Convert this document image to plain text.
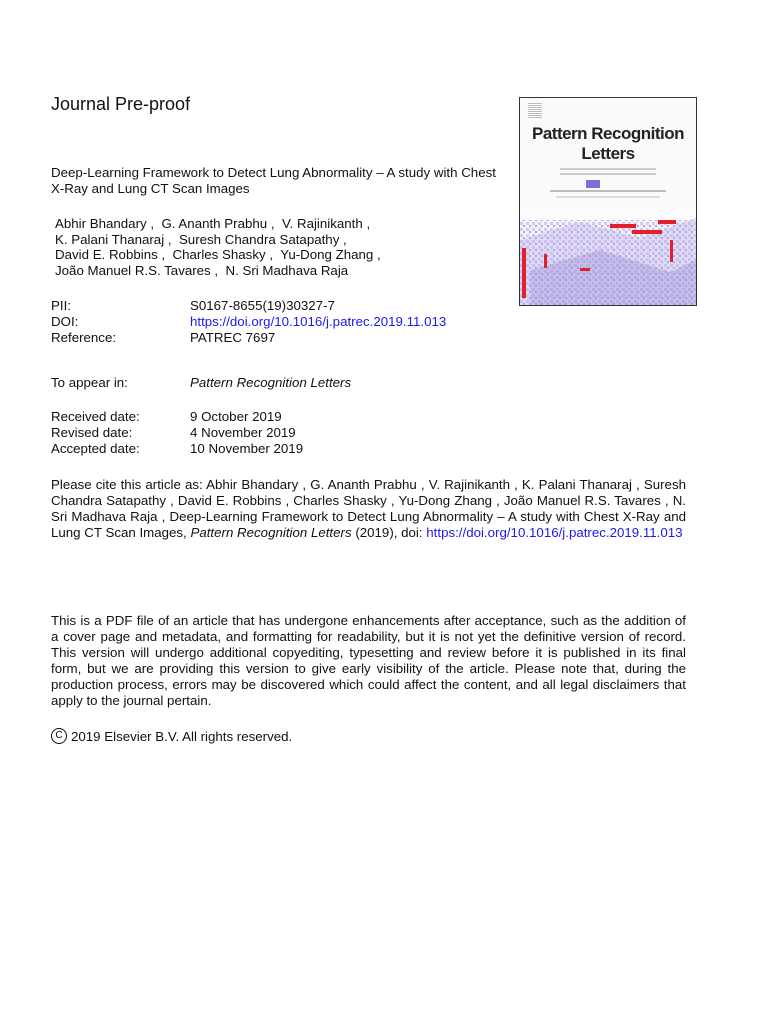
Journal Pre-proof
Deep-Learning Framework to Detect Lung Abnormality – A study with Chest X-Ray and Lung CT Scan Images
Abhir Bhandary , G. Ananth Prabhu , V. Rajinikanth ,
K. Palani Thanaraj , Suresh Chandra Satapathy ,
David E. Robbins , Charles Shasky , Yu-Dong Zhang ,
João Manuel R.S. Tavares , N. Sri Madhava Raja
PII:	S0167-8655(19)30327-7
DOI:	https://doi.org/10.1016/j.patrec.2019.11.013
Reference:	PATREC 7697
To appear in:	Pattern Recognition Letters
Received date:	9 October 2019
Revised date:	4 November 2019
Accepted date:	10 November 2019
Please cite this article as: Abhir Bhandary , G. Ananth Prabhu , V. Rajinikanth , K. Palani Thanaraj , Suresh Chandra Satapathy , David E. Robbins , Charles Shasky , Yu-Dong Zhang , João Manuel R.S. Tavares , N. Sri Madhava Raja , Deep-Learning Framework to Detect Lung Abnormality – A study with Chest X-Ray and Lung CT Scan Images, Pattern Recognition Letters (2019), doi: https://doi.org/10.1016/j.patrec.2019.11.013
This is a PDF file of an article that has undergone enhancements after acceptance, such as the addition of a cover page and metadata, and formatting for readability, but it is not yet the definitive version of record. This version will undergo additional copyediting, typesetting and review before it is published in its final form, but we are providing this version to give early visibility of the article. Please note that, during the production process, errors may be discovered which could affect the content, and all legal disclaimers that apply to the journal pertain.
C 2019 Elsevier B.V. All rights reserved.
Pattern Recognition
Letters
